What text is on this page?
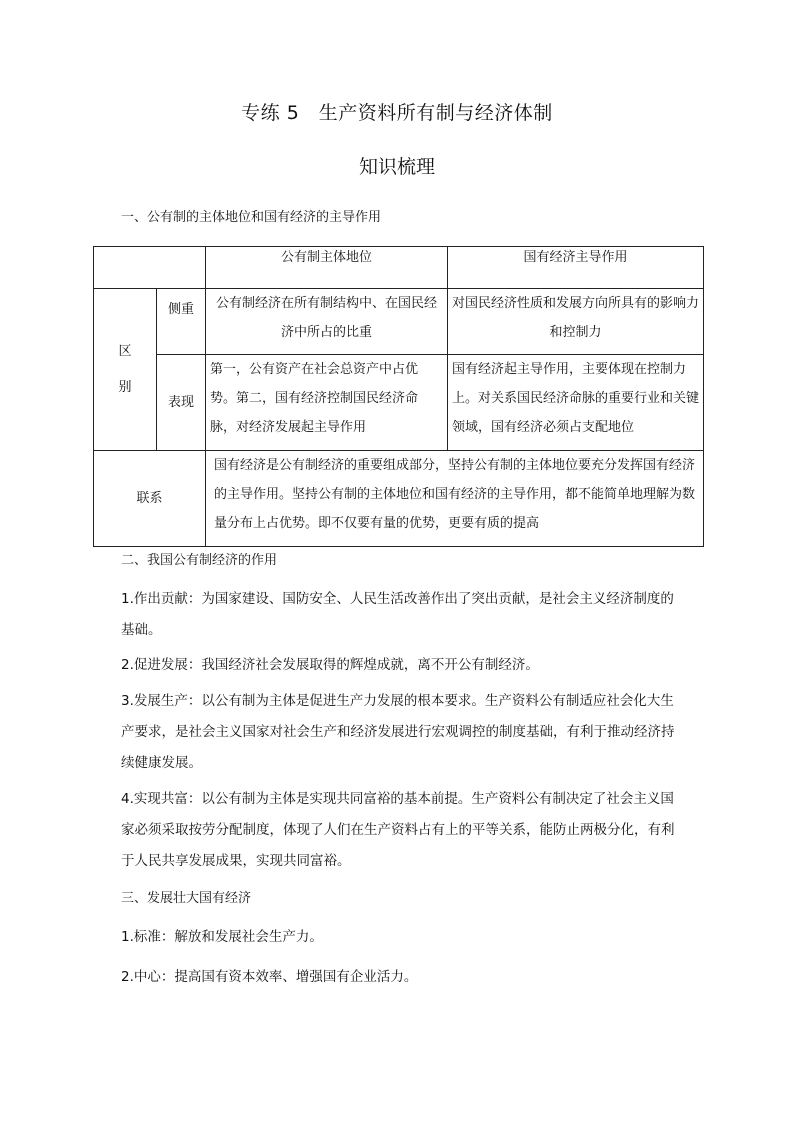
专练 5　生产资料所有制与经济体制
知识梳理
一、公有制的主体地位和国有经济的主导作用
		公有制主体地位	国有经济主导作用

区
别	侧重	公有制经济在所有制结构中、在国民经济中所占的比重	对国民经济性质和发展方向所具有的影响力和控制力
	表现	第一，公有资产在社会总资产中占优势。第二，国有经济控制国民经济命脉，对经济发展起主导作用	国有经济起主导作用，主要体现在控制力上。对关系国民经济命脉的重要行业和关键领域，国有经济必须占支配地位
联系		国有经济是公有制经济的重要组成部分，坚持公有制的主体地位要充分发挥国有经济的主导作用。坚持公有制的主体地位和国有经济的主导作用，都不能简单地理解为数量分布上占优势。即不仅要有量的优势，更要有质的提高	
二、我国公有制经济的作用
1.作出贡献：为国家建设、国防安全、人民生活改善作出了突出贡献，是社会主义经济制度的基础。
2.促进发展：我国经济社会发展取得的辉煌成就，离不开公有制经济。
3.发展生产：以公有制为主体是促进生产力发展的根本要求。生产资料公有制适应社会化大生产要求，是社会主义国家对社会生产和经济发展进行宏观调控的制度基础，有利于推动经济持续健康发展。
4.实现共富：以公有制为主体是实现共同富裕的基本前提。生产资料公有制决定了社会主义国家必须采取按劳分配制度，体现了人们在生产资料占有上的平等关系，能防止两极分化，有利于人民共享发展成果，实现共同富裕。
三、发展壮大国有经济
1.标准：解放和发展社会生产力。
2.中心：提高国有资本效率、增强国有企业活力。
